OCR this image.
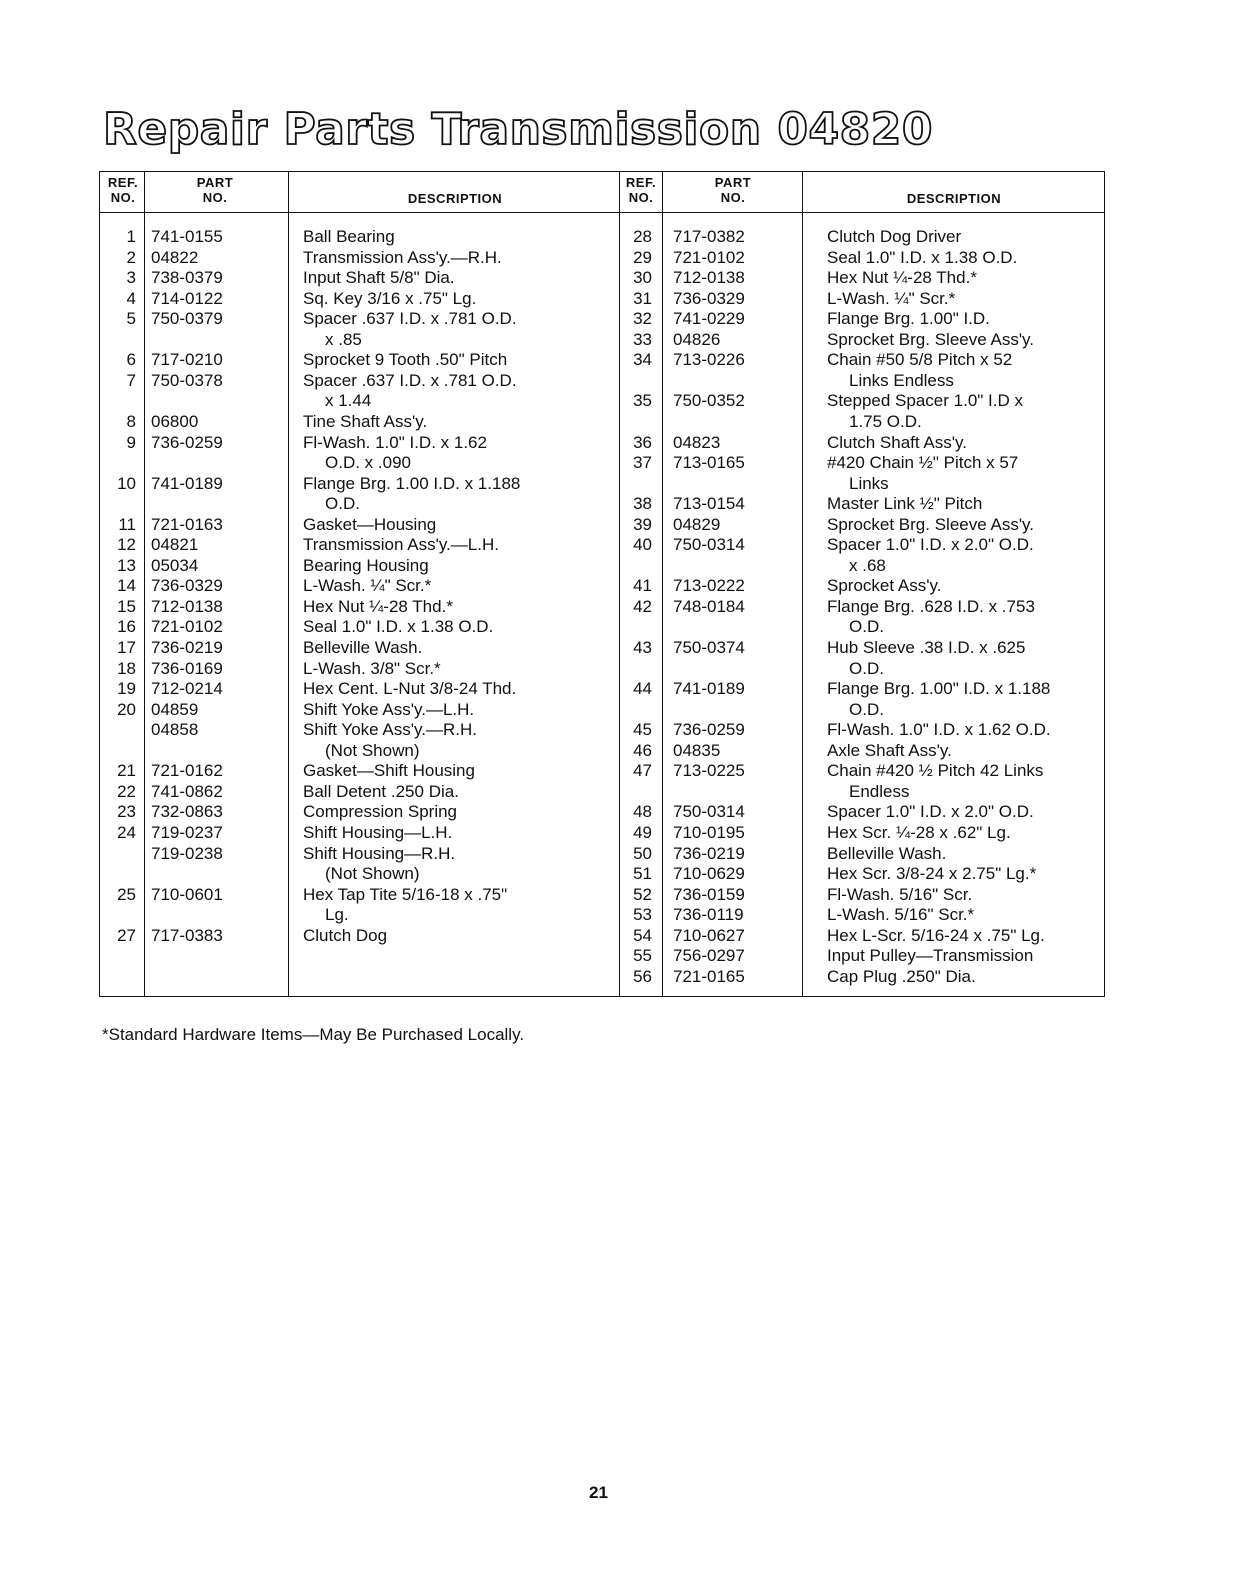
Repair Parts Transmission 04820
REF.
NO.
PART
NO.	DESCRIPTION
1 741-0155	Ball Bearing
2 04822	Transmission Ass'y.—R.H.
3 738-0379	Input Shaft 5/8" Dia.
4 714-0122	Sq. Key 3/16 x .75" Lg.
5 750-0379	Spacer .637 I.D. x .781 O.D.
x .85
6 717-0210	Sprocket 9 Tooth .50" Pitch
7 750-0378	Spacer .637 I.D. x .781 O.D.
x 1.44
8 06800	Tine Shaft Ass'y.
9 736-0259	Fl-Wash. 1.0" I.D. x 1.62
O.D. x .090
10 741-0189	Flange Brg. 1.00 I.D. x 1.188
O.D.
11 721-0163	Gasket—Housing
12 04821	Transmission Ass'y.—L.H.
13 05034	Bearing Housing
14 736-0329	L-Wash. ¼" Scr.*
15 712-0138	Hex Nut ¼-28 Thd.*
16 721-0102	Seal 1.0" I.D. x 1.38 O.D.
17 736-0219	Belleville Wash.
18 736-0169	L-Wash. 3/8" Scr.*
19 712-0214	Hex Cent. L-Nut 3/8-24 Thd.
20 04859	Shift Yoke Ass'y.—L.H.
04858	Shift Yoke Ass'y.—R.H.
(Not Shown)
21 721-0162	Gasket—Shift Housing
22 741-0862	Ball Detent .250 Dia.
23 732-0863	Compression Spring
24 719-0237	Shift Housing—L.H.
719-0238	Shift Housing—R.H.
(Not Shown)
25 710-0601	Hex Tap Tite 5/16-18 x .75"
Lg.
27 717-0383	Clutch Dog
REF.
NO.
PART
NO.	DESCRIPTION
28 717-0382	Clutch Dog Driver
29 721-0102	Seal 1.0" I.D. x 1.38 O.D.
30 712-0138	Hex Nut ¼-28 Thd.*
31 736-0329	L-Wash. ¼" Scr.*
32 741-0229	Flange Brg. 1.00" I.D.
33 04826	Sprocket Brg. Sleeve Ass'y.
34 713-0226	Chain #50 5/8 Pitch x 52
Links Endless
35 750-0352	Stepped Spacer 1.0" I.D x
1.75 O.D.
36 04823	Clutch Shaft Ass'y.
37 713-0165	#420 Chain ½" Pitch x 57
Links
38 713-0154	Master Link ½" Pitch
39 04829	Sprocket Brg. Sleeve Ass'y.
40 750-0314	Spacer 1.0" I.D. x 2.0" O.D.
x .68
41 713-0222	Sprocket Ass'y.
42 748-0184	Flange Brg. .628 I.D. x .753
O.D.
43 750-0374	Hub Sleeve .38 I.D. x .625
O.D.
44 741-0189	Flange Brg. 1.00" I.D. x 1.188
O.D.
45 736-0259	Fl-Wash. 1.0" I.D. x 1.62 O.D.
46 04835	Axle Shaft Ass'y.
47 713-0225	Chain #420 ½ Pitch 42 Links
Endless
48 750-0314	Spacer 1.0" I.D. x 2.0" O.D.
49 710-0195	Hex Scr. ¼-28 x .62" Lg.
50 736-0219	Belleville Wash.
51 710-0629	Hex Scr. 3/8-24 x 2.75" Lg.*
52 736-0159	Fl-Wash. 5/16" Scr.
53 736-0119	L-Wash. 5/16" Scr.*
54 710-0627	Hex L-Scr. 5/16-24 x .75" Lg.
55 756-0297	Input Pulley—Transmission
56 721-0165	Cap Plug .250" Dia.
*Standard Hardware Items—May Be Purchased Locally.
21
